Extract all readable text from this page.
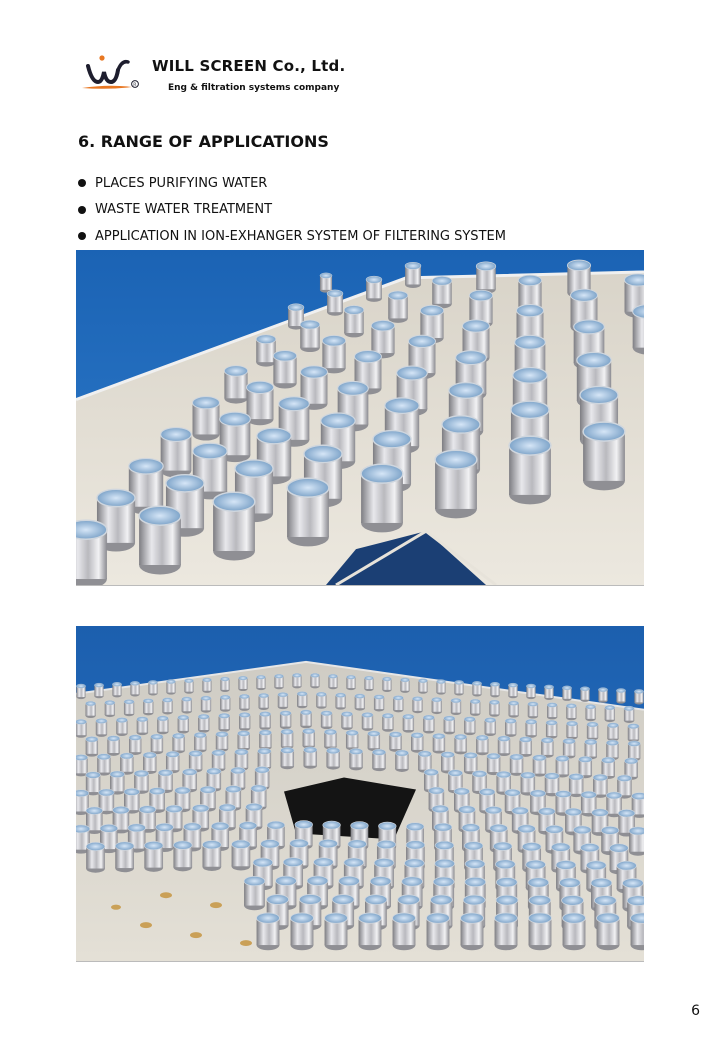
R
WILL SCREEN Co., Ltd.
Eng & filtration systems company
6. RANGE OF APPLICATIONS
PLACES PURIFYING WATER
WASTE WATER TREATMENT
APPLICATION IN ION-EXHANGER SYSTEM OF FILTERING SYSTEM
6
